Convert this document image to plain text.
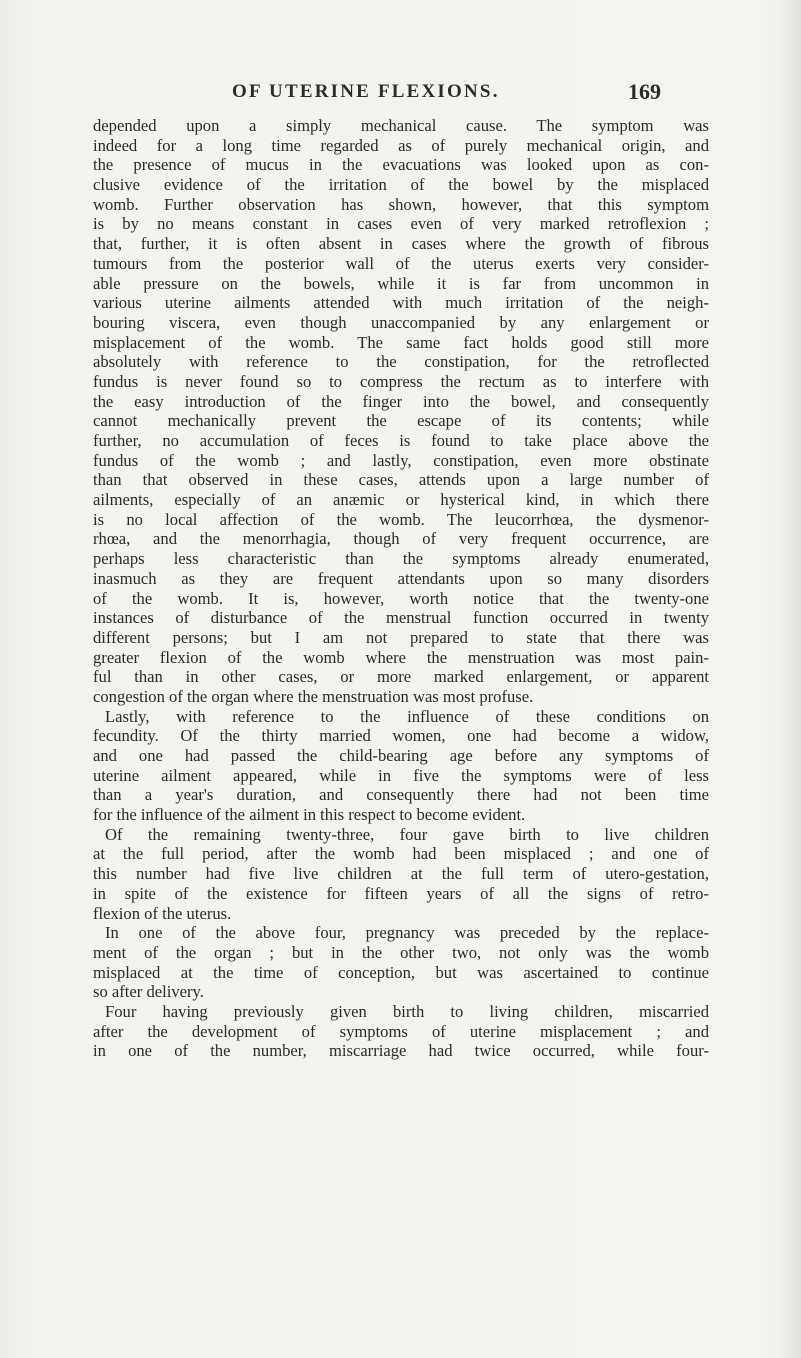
OF UTERINE FLEXIONS.	169
depended upon a simply mechanical cause. The symptom was
indeed for a long time regarded as of purely mechanical origin, and
the presence of mucus in the evacuations was looked upon as con-
clusive evidence of the irritation of the bowel by the misplaced
womb. Further observation has shown, however, that this symptom
is by no means constant in cases even of very marked retroflexion ;
that, further, it is often absent in cases where the growth of fibrous
tumours from the posterior wall of the uterus exerts very consider-
able pressure on the bowels, while it is far from uncommon in
various uterine ailments attended with much irritation of the neigh-
bouring viscera, even though unaccompanied by any enlargement or
misplacement of the womb. The same fact holds good still more
absolutely with reference to the constipation, for the retroflected
fundus is never found so to compress the rectum as to interfere with
the easy introduction of the finger into the bowel, and consequently
cannot mechanically prevent the escape of its contents; while
further, no accumulation of feces is found to take place above the
fundus of the womb ; and lastly, constipation, even more obstinate
than that observed in these cases, attends upon a large number of
ailments, especially of an anæmic or hysterical kind, in which there
is no local affection of the womb. The leucorrhœa, the dysmenor-
rhœa, and the menorrhagia, though of very frequent occurrence, are
perhaps less characteristic than the symptoms already enumerated,
inasmuch as they are frequent attendants upon so many disorders
of the womb. It is, however, worth notice that the twenty-one
instances of disturbance of the menstrual function occurred in twenty
different persons; but I am not prepared to state that there was
greater flexion of the womb where the menstruation was most pain-
ful than in other cases, or more marked enlargement, or apparent
congestion of the organ where the menstruation was most profuse.
Lastly, with reference to the influence of these conditions on
fecundity. Of the thirty married women, one had become a widow,
and one had passed the child-bearing age before any symptoms of
uterine ailment appeared, while in five the symptoms were of less
than a year's duration, and consequently there had not been time
for the influence of the ailment in this respect to become evident.
Of the remaining twenty-three, four gave birth to live children
at the full period, after the womb had been misplaced ; and one of
this number had five live children at the full term of utero-gestation,
in spite of the existence for fifteen years of all the signs of retro-
flexion of the uterus.
In one of the above four, pregnancy was preceded by the replace-
ment of the organ ; but in the other two, not only was the womb
misplaced at the time of conception, but was ascertained to continue
so after delivery.
Four having previously given birth to living children, miscarried
after the development of symptoms of uterine misplacement ; and
in one of the number, miscarriage had twice occurred, while four-
